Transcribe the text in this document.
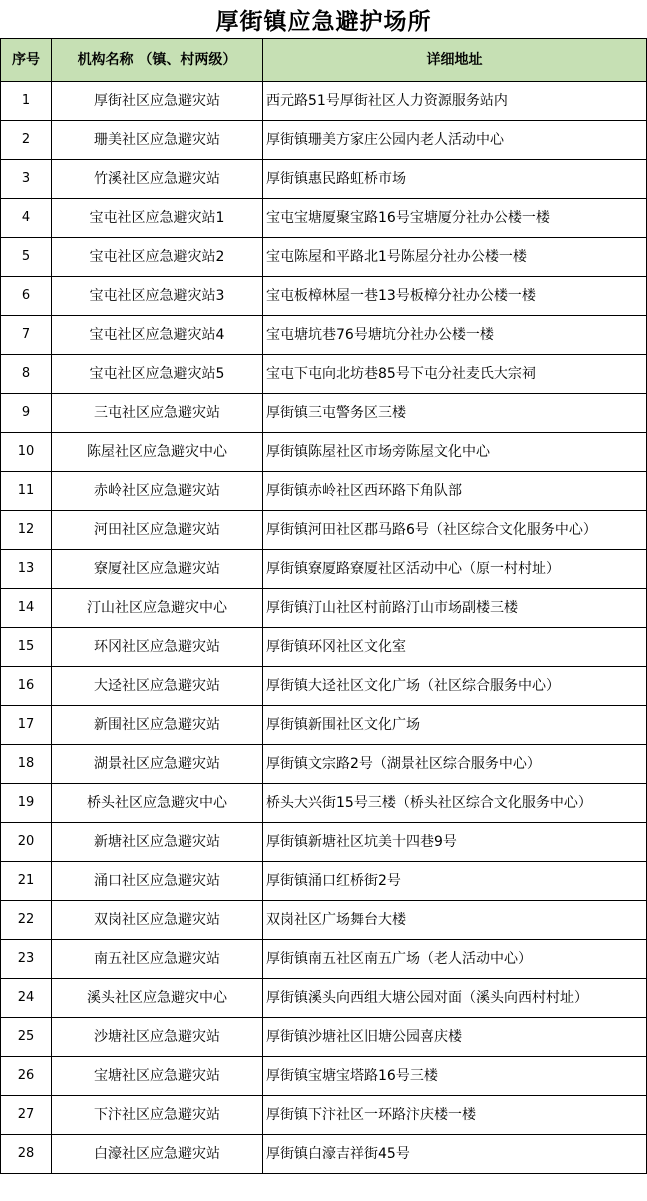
厚街镇应急避护场所
序号	机构名称 （镇、村两级）	详细地址
1	厚街社区应急避灾站	西元路51号厚街社区人力资源服务站内
2	珊美社区应急避灾站	厚街镇珊美方家庄公园内老人活动中心
3	竹溪社区应急避灾站	厚街镇惠民路虹桥市场
4	宝屯社区应急避灾站1	宝屯宝塘厦聚宝路16号宝塘厦分社办公楼一楼
5	宝屯社区应急避灾站2	宝屯陈屋和平路北1号陈屋分社办公楼一楼
6	宝屯社区应急避灾站3	宝屯板樟林屋一巷13号板樟分社办公楼一楼
7	宝屯社区应急避灾站4	宝屯塘坑巷76号塘坑分社办公楼一楼
8	宝屯社区应急避灾站5	宝屯下屯向北坊巷85号下屯分社麦氏大宗祠
9	三屯社区应急避灾站	厚街镇三屯警务区三楼
10	陈屋社区应急避灾中心	厚街镇陈屋社区市场旁陈屋文化中心
11	赤岭社区应急避灾站	厚街镇赤岭社区西环路下角队部
12	河田社区应急避灾站	厚街镇河田社区郡马路6号（社区综合文化服务中心）
13	寮厦社区应急避灾站	厚街镇寮厦路寮厦社区活动中心（原一村村址）
14	汀山社区应急避灾中心	厚街镇汀山社区村前路汀山市场副楼三楼
15	环冈社区应急避灾站	厚街镇环冈社区文化室
16	大迳社区应急避灾站	厚街镇大迳社区文化广场（社区综合服务中心）
17	新围社区应急避灾站	厚街镇新围社区文化广场
18	湖景社区应急避灾站	厚街镇文宗路2号（湖景社区综合服务中心）
19	桥头社区应急避灾中心	桥头大兴街15号三楼（桥头社区综合文化服务中心）
20	新塘社区应急避灾站	厚街镇新塘社区坑美十四巷9号
21	涌口社区应急避灾站	厚街镇涌口红桥街2号
22	双岗社区应急避灾站	双岗社区广场舞台大楼
23	南五社区应急避灾站	厚街镇南五社区南五广场（老人活动中心）
24	溪头社区应急避灾中心	厚街镇溪头向西组大塘公园对面（溪头向西村村址）
25	沙塘社区应急避灾站	厚街镇沙塘社区旧塘公园喜庆楼
26	宝塘社区应急避灾站	厚街镇宝塘宝塔路16号三楼
27	下汴社区应急避灾站	厚街镇下汴社区一环路汴庆楼一楼
28	白濠社区应急避灾站	厚街镇白濠吉祥街45号
